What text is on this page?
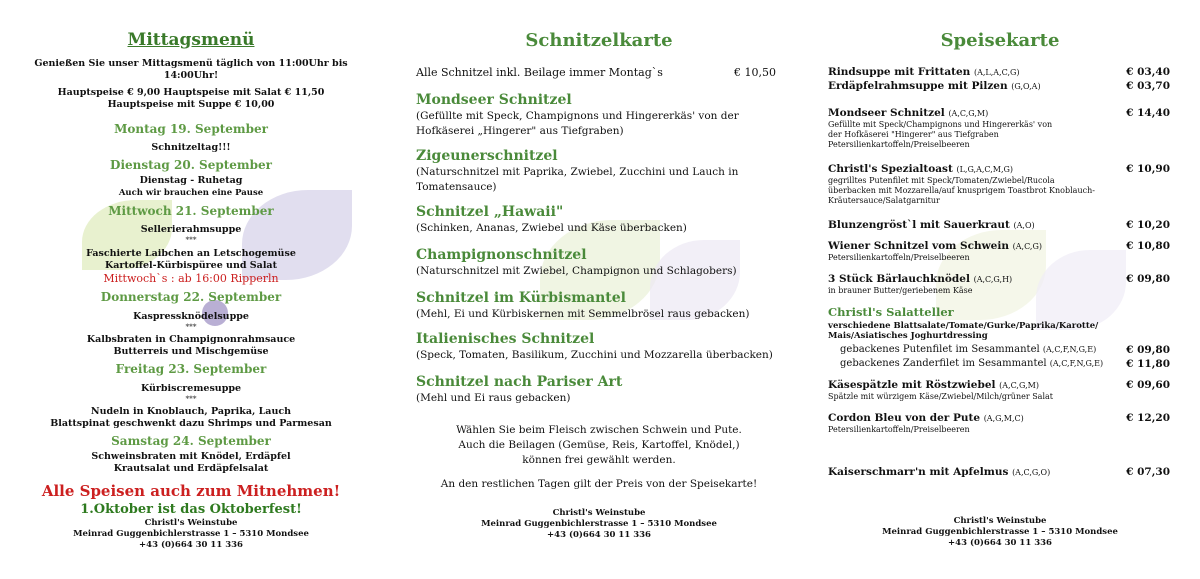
Mittagsmenü
Genießen Sie unser Mittagsmenü täglich von 11:00Uhr bis 14:00Uhr!
Hauptspeise € 9,00 Hauptspeise mit Salat € 11,50
Hauptspeise mit Suppe € 10,00
Montag 19. September
Schnitzeltag!!!
Dienstag 20. September
Dienstag - Ruhetag
Auch wir brauchen eine Pause
Mittwoch 21. September
Sellerierahmsuppe
***
Faschierte Laibchen an Letschogemüse
Kartoffel-Kürbispüree und Salat
Mittwoch`s : ab 16:00 Ripperln
Donnerstag 22. September
Kaspressknödelsuppe
***
Kalbsbraten in Champignonrahmsauce
Butterreis und Mischgemüse
Freitag 23. September
Kürbiscremesuppe
***
Nudeln in Knoblauch, Paprika, Lauch
Blattspinat geschwenkt dazu Shrimps und Parmesan
Samstag 24. September
Schweinsbraten mit Knödel, Erdäpfel
Krautsalat und Erdäpfelsalat
Alle Speisen auch zum Mitnehmen!
1.Oktober ist das Oktoberfest!
Christl's Weinstube
Meinrad Guggenbichlerstrasse 1 – 5310 Mondsee
+43 (0)664 30 11 336
Schnitzelkarte
Alle Schnitzel inkl. Beilage immer Montag`s	€ 10,50
Mondseer Schnitzel
(Gefüllte mit Speck, Champignons und Hingererkäs' von der Hofkäserei „Hingerer" aus Tiefgraben)
Zigeunerschnitzel
(Naturschnitzel mit Paprika, Zwiebel, Zucchini und Lauch in Tomatensauce)
Schnitzel „Hawaii"
(Schinken, Ananas, Zwiebel und Käse überbacken)
Champignonschnitzel
(Naturschnitzel mit Zwiebel, Champignon und Schlagobers)
Schnitzel im Kürbismantel
(Mehl, Ei und Kürbiskernen mit Semmelbrösel raus gebacken)
Italienisches Schnitzel
(Speck, Tomaten, Basilikum, Zucchini und Mozzarella überbacken)
Schnitzel nach Pariser Art
(Mehl und Ei raus gebacken)
Wählen Sie beim Fleisch zwischen Schwein und Pute.
Auch die Beilagen (Gemüse, Reis, Kartoffel, Knödel,)
können frei gewählt werden.
An den restlichen Tagen gilt der Preis von der Speisekarte!
Christl's Weinstube
Meinrad Guggenbichlerstrasse 1 – 5310 Mondsee
+43 (0)664 30 11 336
Speisekarte
Rindsuppe mit Frittaten (A,L,A,C,G)	€ 03,40
Erdäpfelrahmsuppe mit Pilzen (G,O,A)	€ 03,70
Mondseer Schnitzel (A,C,G,M)	€ 14,40
Gefüllte mit Speck/Champignons und Hingererkäs' von der Hofkäserei "Hingerer" aus Tiefgraben Petersilienkartoffeln/Preiselbeeren
Christl's Spezialtoast (L,G,A,C,M,G)	€ 10,90
gegrilltes Putenfilet mit Speck/Tomaten/Zwiebel/Rucola überbacken mit Mozzarella/auf knusprigem Toastbrot Knoblauch-Kräutersauce/Salatgarnitur
Blunzengröst`l mit Sauerkraut (A,O)	€ 10,20
Wiener Schnitzel vom Schwein (A,C,G)	€ 10,80
Petersilienkartoffeln/Preiselbeeren
3 Stück Bärlauchknödel (A,C,G,H)	€ 09,80
in brauner Butter/geriebenem Käse
Christl's Salatteller
verschiedene Blattsalate/Tomate/Gurke/Paprika/Karotte/ Mais/Asiatisches Joghurtdressing
gebackenes Putenfilet im Sesammantel (A,C,F,N,G,E)	€ 09,80
gebackenes Zanderfilet im Sesammantel (A,C,F,N,G,E) € 11,80
Käsespätzle mit Röstzwiebel (A,C,G,M)	€ 09,60
Spätzle mit würzigem Käse/Zwiebel/Milch/grüner Salat
Cordon Bleu von der Pute (A,G,M,C)	€ 12,20
Petersilienkartoffeln/Preiselbeeren
Kaiserschmarr'n mit Apfelmus (A,C,G,O)	€ 07,30
Christl's Weinstube
Meinrad Guggenbichlerstrasse 1 – 5310 Mondsee
+43 (0)664 30 11 336
